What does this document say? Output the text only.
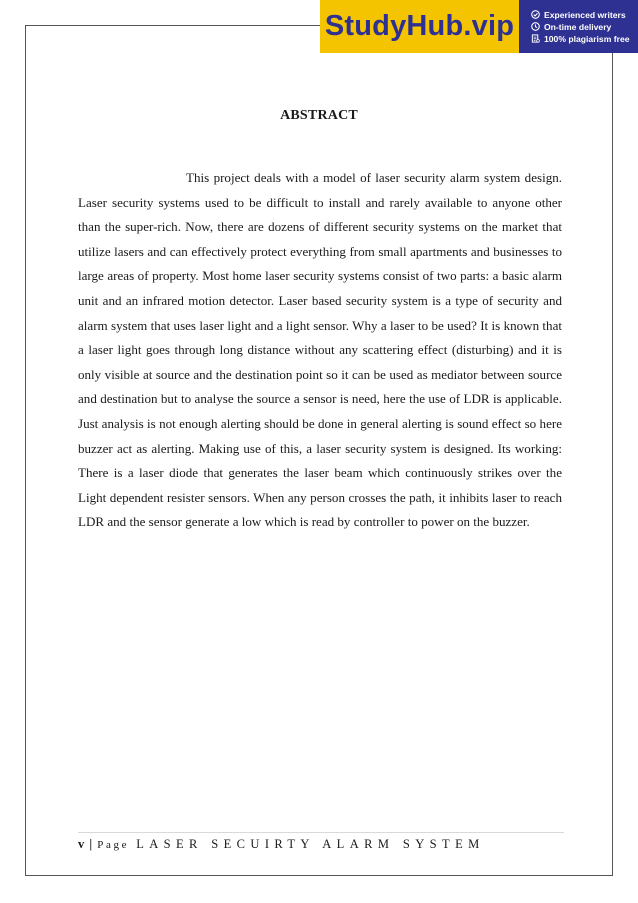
StudyHub.vip	Experienced writers
On-time delivery
100% plagiarism free
ABSTRACT

This project deals with a model of laser security alarm system design. Laser security systems used to be difficult to install and rarely available to anyone other than the super-rich. Now, there are dozens of different security systems on the market that utilize lasers and can effectively protect everything from small apartments and businesses to large areas of property. Most home laser security systems consist of two parts: a basic alarm unit and an infrared motion detector. Laser based security system is a type of security and alarm system that uses laser light and a light sensor. Why a laser to be used? It is known that a laser light goes through long distance without any scattering effect (disturbing) and it is only visible at source and the destination point so it can be used as mediator between source and destination but to analyse the source a sensor is need, here the use of LDR is applicable. Just analysis is not enough alerting should be done in general alerting is sound effect so here buzzer act as alerting. Making use of this, a laser security system is designed. Its working: There is a laser diode that generates the laser beam which continuously strikes over the Light dependent resister sensors. When any person crosses the path, it inhibits laser to reach LDR and the sensor generate a low which is read by controller to power on the buzzer.

v | Page LASER SECUIRTY ALARM SYSTEM
